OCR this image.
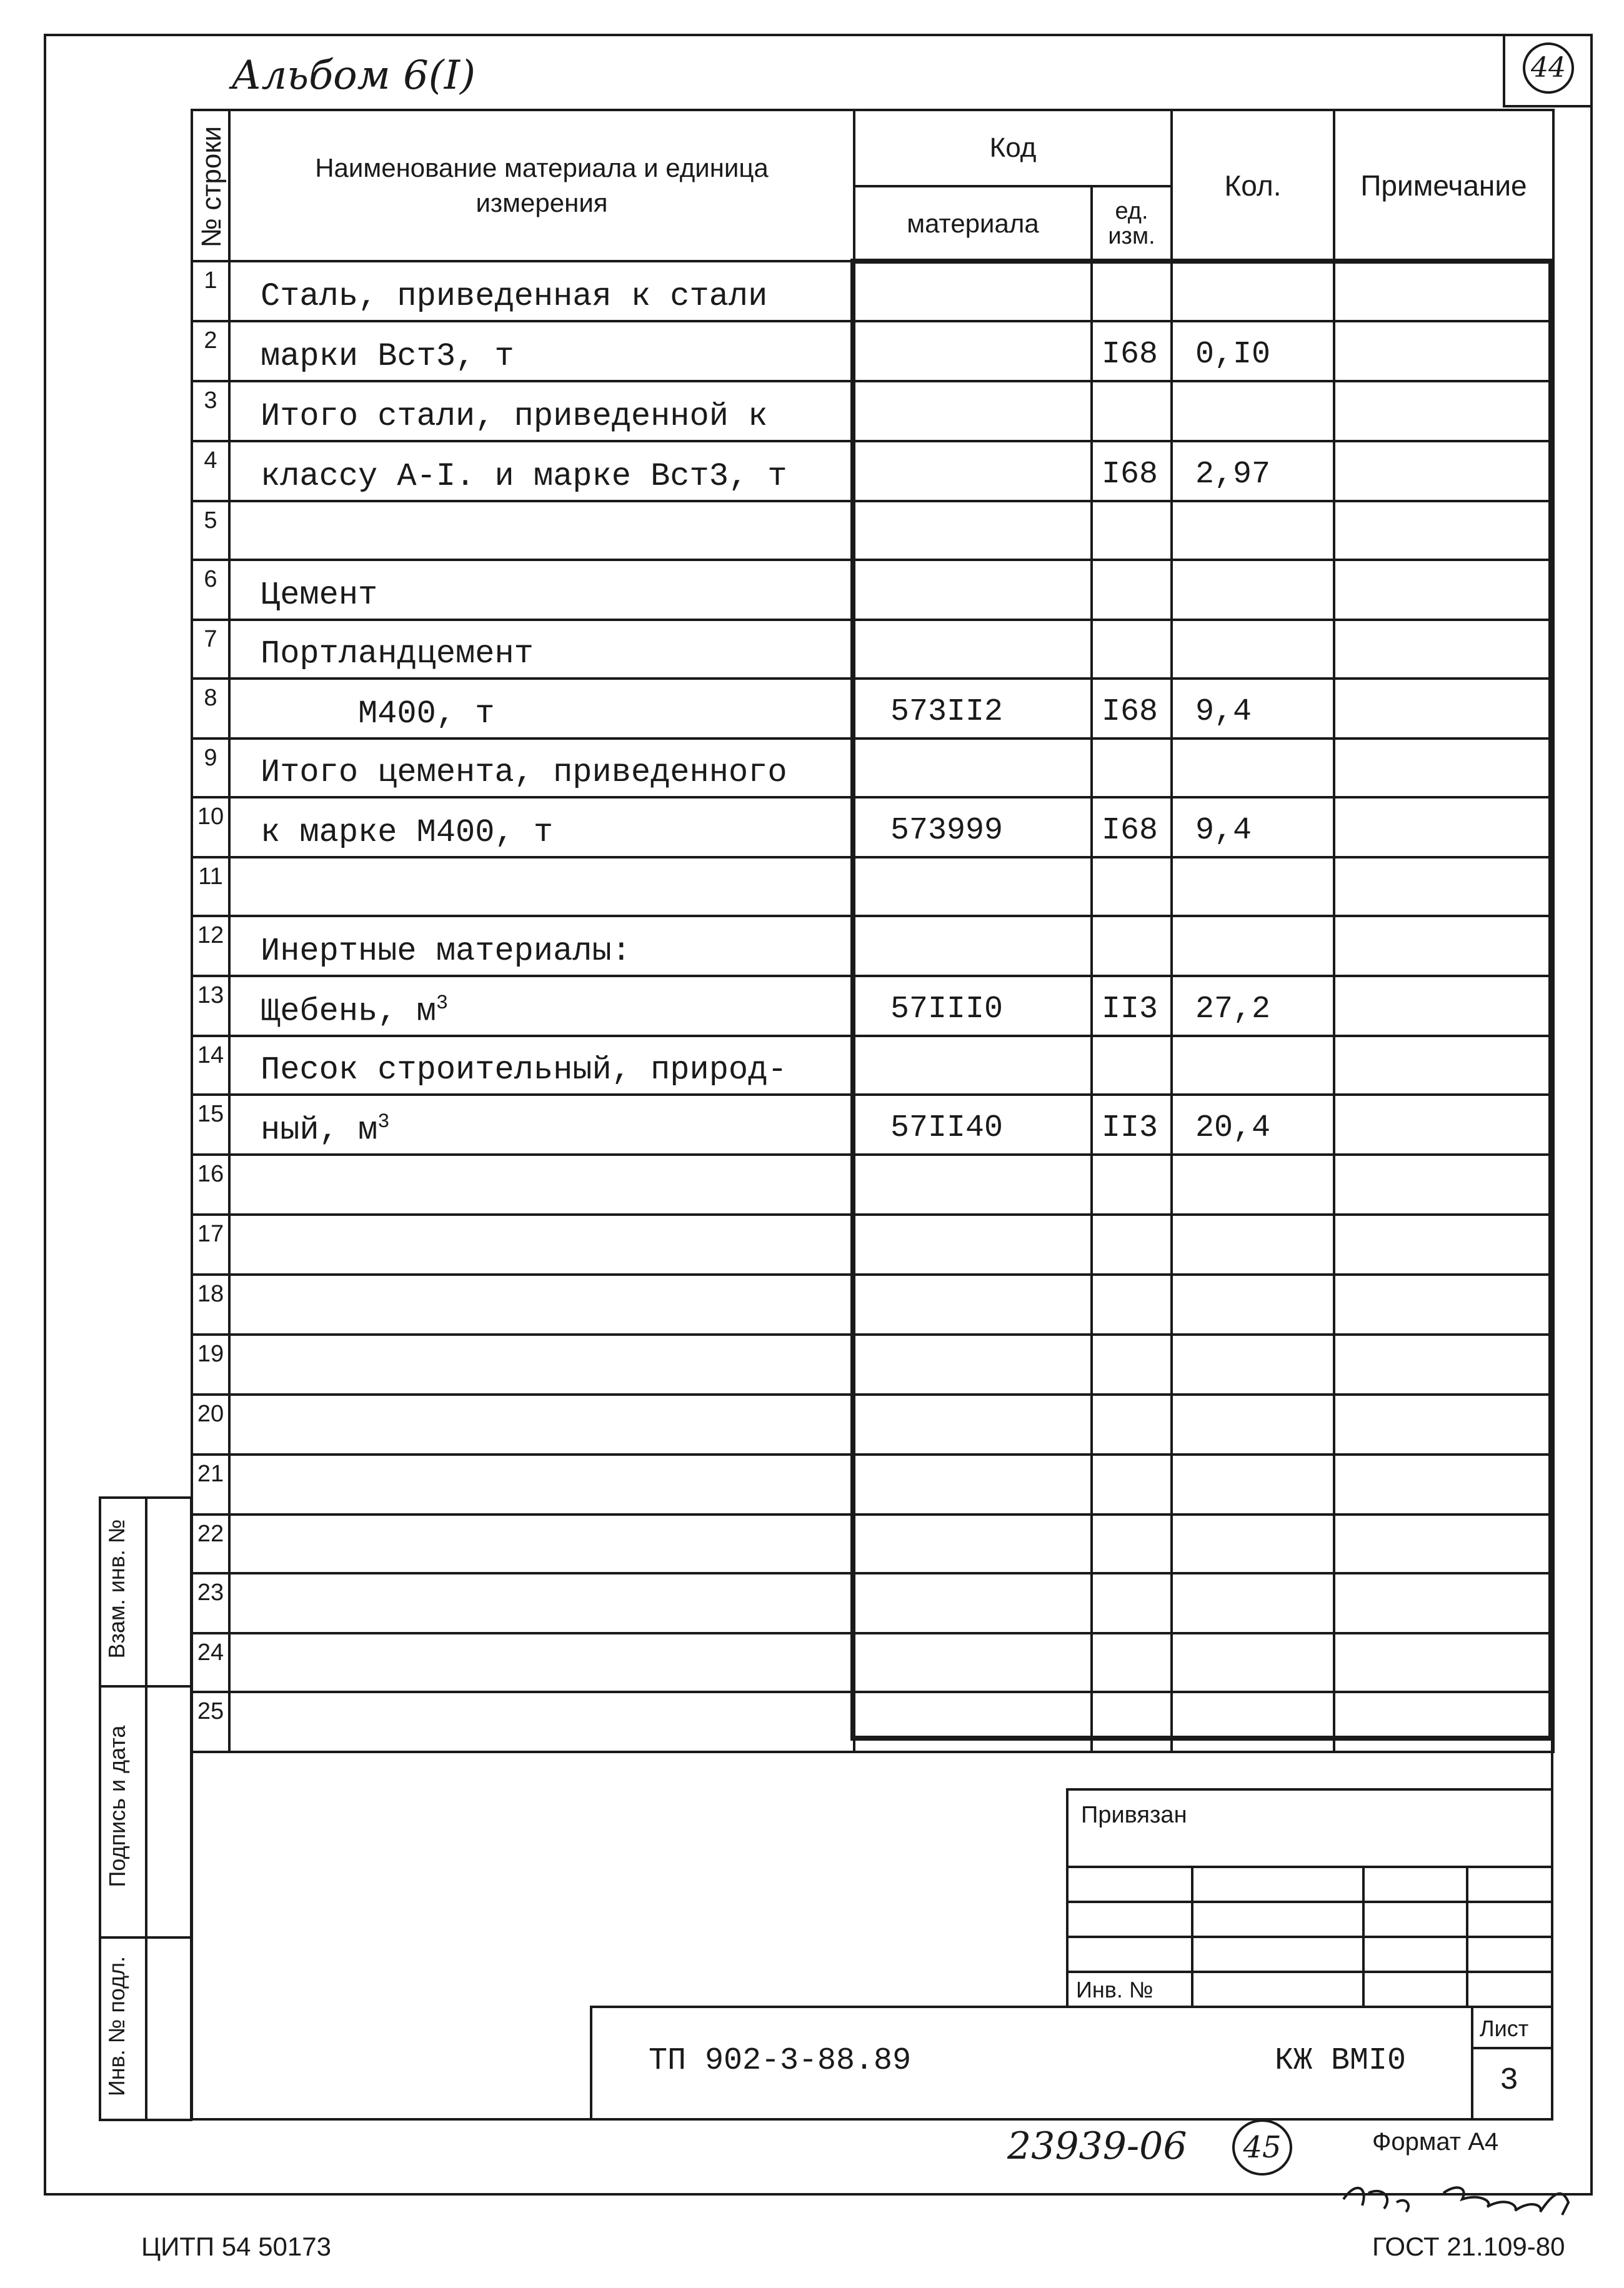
Альбом 6(I)	44
№ строки	Наименование материала и единица измерения	Код		Кол.	Примечание
		материала	ед. изм.		
1	Сталь, приведенная к стали				
2	марки Вст3, т		I68	0,I0	
3	Итого стали, приведенной к				
4	классу А-I. и марке Вст3, т		I68	2,97	
5					
6	Цемент				
7	Портландцемент				
8	М400, т	573II2	I68	9,4	
9	Итого цемента, приведенного				
10	к марке М400, т	573999	I68	9,4	
11					
12	Инертные материалы:				
13	Щебень, $м^3$	57III0	II3	27,2	
14	Песок строительный, природ-				
15	ный, $м^3$	57II40	II3	20,4	
16					
17					
18					
19					
20					
21					
22					
23					
24					
25					
Взам. инв. №
Подпись и дата
Инв. № подл.
Привязан
Инв. №
ТП 902-3-88.89	КЖ ВМI0
Лист
3
23939-06	45	Формат А4
ЦИТП 54 50173	ГОСТ 21.109-80
